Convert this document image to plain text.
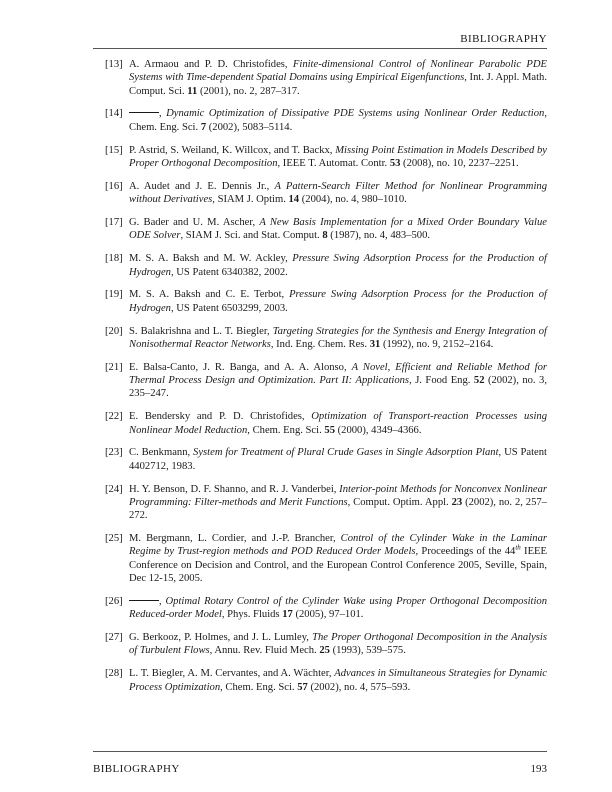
BIBLIOGRAPHY
[13] A. Armaou and P. D. Christofides, Finite-dimensional Control of Nonlinear Parabolic PDE Systems with Time-dependent Spatial Domains using Empirical Eigenfunctions, Int. J. Appl. Math. Comput. Sci. 11 (2001), no. 2, 287–317.
[14]	, Dynamic Optimization of Dissipative PDE Systems using Nonlinear Order Reduction, Chem. Eng. Sci. 7 (2002), 5083–5114.
[15] P. Astrid, S. Weiland, K. Willcox, and T. Backx, Missing Point Estimation in Models Described by Proper Orthogonal Decomposition, IEEE T. Automat. Contr. 53 (2008), no. 10, 2237–2251.
[16] A. Audet and J. E. Dennis Jr., A Pattern-Search Filter Method for Nonlinear Programming without Derivatives, SIAM J. Optim. 14 (2004), no. 4, 980–1010.
[17] G. Bader and U. M. Ascher, A New Basis Implementation for a Mixed Order Boundary Value ODE Solver, SIAM J. Sci. and Stat. Comput. 8 (1987), no. 4, 483–500.
[18] M. S. A. Baksh and M. W. Ackley, Pressure Swing Adsorption Process for the Production of Hydrogen, US Patent 6340382, 2002.
[19] M. S. A. Baksh and C. E. Terbot, Pressure Swing Adsorption Process for the Production of Hydrogen, US Patent 6503299, 2003.
[20] S. Balakrishna and L. T. Biegler, Targeting Strategies for the Synthesis and Energy Integration of Nonisothermal Reactor Networks, Ind. Eng. Chem. Res. 31 (1992), no. 9, 2152–2164.
[21] E. Balsa-Canto, J. R. Banga, and A. A. Alonso, A Novel, Efficient and Reliable Method for Thermal Process Design and Optimization. Part II: Applications, J. Food Eng. 52 (2002), no. 3, 235–247.
[22] E. Bendersky and P. D. Christofides, Optimization of Transport-reaction Processes using Nonlinear Model Reduction, Chem. Eng. Sci. 55 (2000), 4349–4366.
[23] C. Benkmann, System for Treatment of Plural Crude Gases in Single Adsorption Plant, US Patent 4402712, 1983.
[24] H. Y. Benson, D. F. Shanno, and R. J. Vanderbei, Interior-point Methods for Nonconvex Nonlinear Programming: Filter-methods and Merit Functions, Comput. Optim. Appl. 23 (2002), no. 2, 257–272.
[25] M. Bergmann, L. Cordier, and J.-P. Brancher, Control of the Cylinder Wake in the Laminar Regime by Trust-region methods and POD Reduced Order Models, Proceedings of the 44th IEEE Conference on Decision and Control, and the European Control Conference 2005, Seville, Spain, Dec 12-15, 2005.
[26]	, Optimal Rotary Control of the Cylinder Wake using Proper Orthogonal Decomposition Reduced-order Model, Phys. Fluids 17 (2005), 97–101.
[27] G. Berkooz, P. Holmes, and J. L. Lumley, The Proper Orthogonal Decomposition in the Analysis of Turbulent Flows, Annu. Rev. Fluid Mech. 25 (1993), 539–575.
[28] L. T. Biegler, A. M. Cervantes, and A. Wächter, Advances in Simultaneous Strategies for Dynamic Process Optimization, Chem. Eng. Sci. 57 (2002), no. 4, 575–593.
BIBLIOGRAPHY	193
